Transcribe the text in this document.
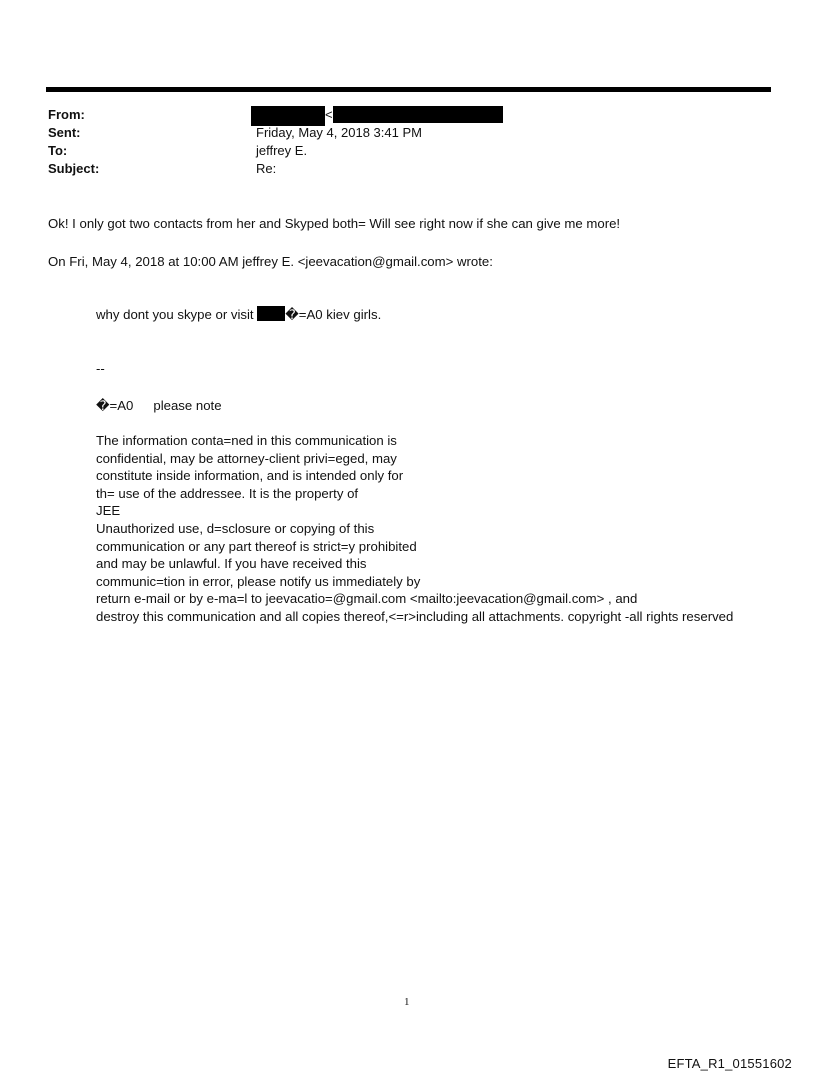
From:	<
Sent:	Friday, May 4, 2018 3:41 PM
To:	jeffrey E.
Subject:	Re:
Ok! I only got two contacts from her and Skyped both= Will see right now if she can give me more!
On Fri, May 4, 2018 at 10:00 AM jeffrey E. <jeevacation@gmail.com> wrote:
why dont you skype or visit �=A0 kiev girls.
--
�=A0 please note
The information conta=ned in this communication is
confidential, may be attorney-client privi=eged, may
constitute inside information, and is intended only for
th= use of the addressee. It is the property of
JEE
Unauthorized use, d=sclosure or copying of this
communication or any part thereof is strict=y prohibited
and may be unlawful. If you have received this
communic=tion in error, please notify us immediately by
return e-mail or by e-ma=l to jeevacatio=@gmail.com <mailto:jeevacation@gmail.com> , and
destroy this communication and all copies thereof,<=r>including all attachments. copyright -all rights reserved
1
EFTA_R1_01551602
